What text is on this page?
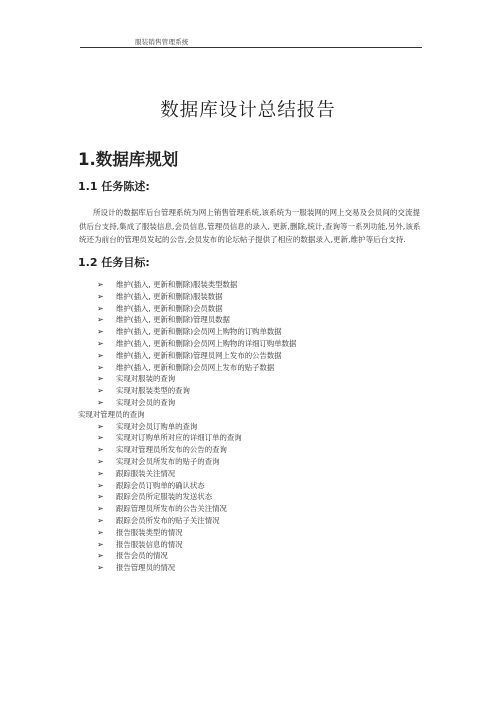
服装销售管理系统
数据库设计总结报告
1.数据库规划
1.1 任务陈述:
所设计的数据库后台管理系统为网上销售管理系统,该系统为一服装网的网上交易及会员间的交流提供后台支持,集成了服装信息,会员信息,管理员信息的录入, 更新,删除,统计,查询等一系列功能,另外,该系统还为前台的管理员发起的公告,会员发布的论坛帖子提供了相应的数据录入,更新,维护等后台支持.
1.2 任务目标:
➢ 维护(插入, 更新和删除)服装类型数据
➢ 维护(插入, 更新和删除)服装数据
➢ 维护(插入, 更新和删除)会员数据
➢ 维护(插入, 更新和删除)管理员数据
➢ 维护(插入, 更新和删除)会员网上购物的订购单数据
➢ 维护(插入, 更新和删除)会员网上购物的详细订购单数据
➢ 维护(插入, 更新和删除)管理员网上发布的公告数据
➢ 维护(插入, 更新和删除)会员网上发布的贴子数据
➢ 实现对服装的查询
➢ 实现对服装类型的查询
➢ 实现对会员的查询
实现对管理员的查询
➢ 实现对会员订购单的查询
➢ 实现对订购单所对应的详细订单的查询
➢ 实现对管理员所发布的公告的查询
➢ 实现对会员所发布的贴子的查询
➢ 跟踪服装关注情况
➢ 跟踪会员订购单的确认状态
➢ 跟踪会员所定服装的发送状态
➢ 跟踪管理员所发布的公告关注情况
➢ 跟踪会员所发布的贴子关注情况
➢ 报告服装类型的情况
➢ 报告服装信息的情况
➢ 报告会员的情况
➢ 报告管理员的情况
